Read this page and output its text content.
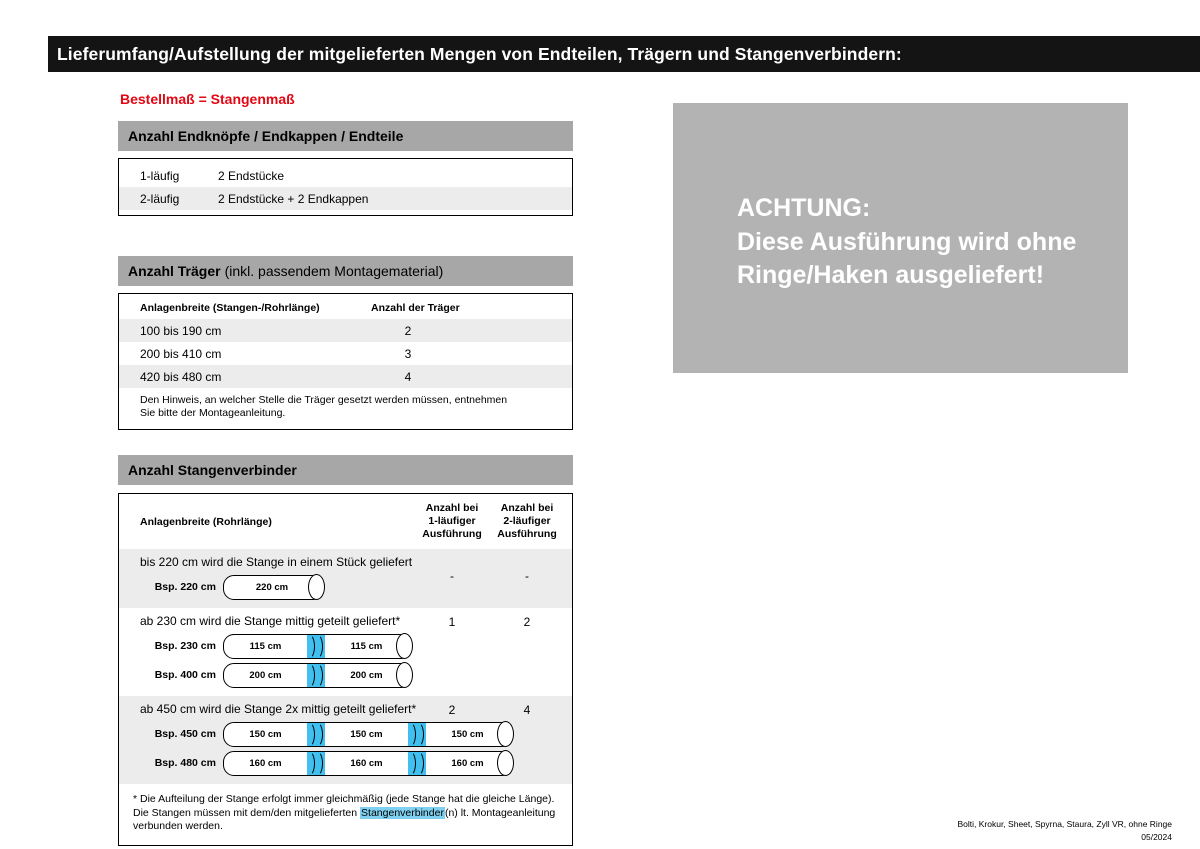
Lieferumfang/Aufstellung der mitgelieferten Mengen von Endteilen, Trägern und Stangenverbindern:
Bestellmaß = Stangenmaß
Anzahl Endknöpfe / Endkappen / Endteile
1-läufig	2 Endstücke
2-läufig	2 Endstücke + 2 Endkappen
Anzahl Träger (inkl. passendem Montagematerial)
Anlagenbreite (Stangen-/Rohrlänge)	Anzahl der Träger
100 bis 190 cm	2
200 bis 410 cm	3
420 bis 480 cm	4
Den Hinweis, an welcher Stelle die Träger gesetzt werden müssen, entnehmen Sie bitte der Montageanleitung.
Anzahl Stangenverbinder
Anlagenbreite (Rohrlänge)
Anzahl bei
1-läufiger
Ausführung
Anzahl bei
2-läufiger
Ausführung
bis 220 cm wird die Stange in einem Stück geliefert
-	-
Bsp. 220 cm	220 cm
ab 230 cm wird die Stange mittig geteilt geliefert*	1	2
Bsp. 230 cm	115 cm	115 cm
Bsp. 400 cm	200 cm	200 cm
ab 450 cm wird die Stange 2x mittig geteilt geliefert*	2	4
Bsp. 450 cm	150 cm	150 cm	150 cm
Bsp. 480 cm	160 cm	160 cm	160 cm
* Die Aufteilung der Stange erfolgt immer gleichmäßig (jede Stange hat die gleiche Länge). Die Stangen müssen mit dem/den mitgelieferten Stangenverbinder(n) lt. Montageanleitung verbunden werden.
ACHTUNG:
Diese Ausführung wird ohne
Ringe/Haken ausgeliefert!
Bolti, Krokur, Sheet, Spyrna, Staura, Zyll VR, ohne Ringe
05/2024
